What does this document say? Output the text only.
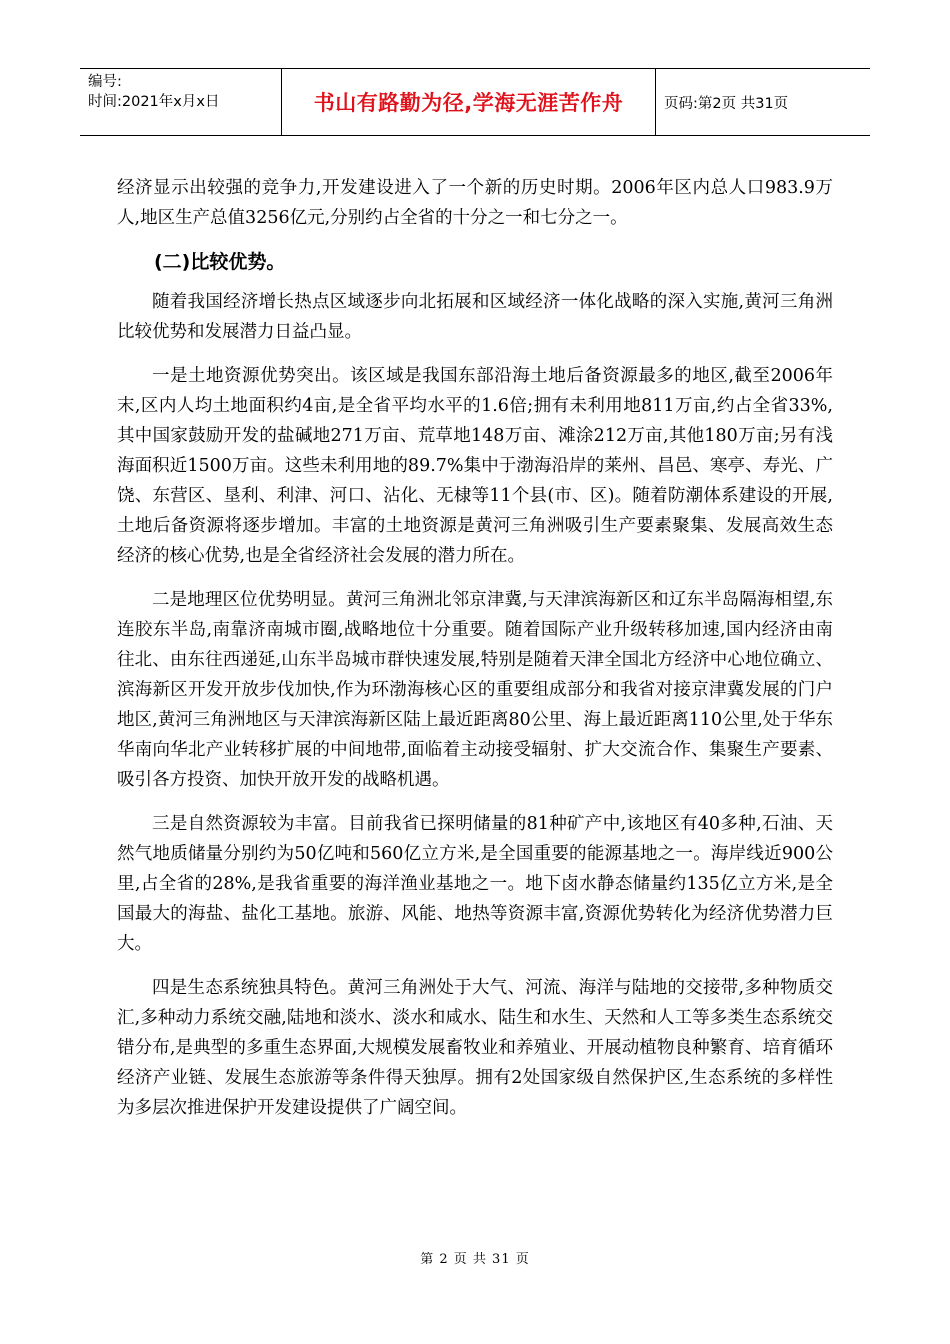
编号:
时间:2021年x月x日	书山有路勤为径,学海无涯苦作舟	页码:第2页 共31页

经济显示出较强的竞争力,开发建设进入了一个新的历史时期。2006年区内总人口983.9万人,地区生产总值3256亿元,分别约占全省的十分之一和七分之一。

(二)比较优势。

随着我国经济增长热点区域逐步向北拓展和区域经济一体化战略的深入实施,黄河三角洲比较优势和发展潜力日益凸显。

一是土地资源优势突出。该区域是我国东部沿海土地后备资源最多的地区,截至2006年末,区内人均土地面积约4亩,是全省平均水平的1.6倍;拥有未利用地811万亩,约占全省33%,其中国家鼓励开发的盐碱地271万亩、荒草地148万亩、滩涂212万亩,其他180万亩;另有浅海面积近1500万亩。这些未利用地的89.7%集中于渤海沿岸的莱州、昌邑、寒亭、寿光、广饶、东营区、垦利、利津、河口、沾化、无棣等11个县(市、区)。随着防潮体系建设的开展,土地后备资源将逐步增加。丰富的土地资源是黄河三角洲吸引生产要素聚集、发展高效生态经济的核心优势,也是全省经济社会发展的潜力所在。

二是地理区位优势明显。黄河三角洲北邻京津冀,与天津滨海新区和辽东半岛隔海相望,东连胶东半岛,南靠济南城市圈,战略地位十分重要。随着国际产业升级转移加速,国内经济由南往北、由东往西递延,山东半岛城市群快速发展,特别是随着天津全国北方经济中心地位确立、滨海新区开发开放步伐加快,作为环渤海核心区的重要组成部分和我省对接京津冀发展的门户地区,黄河三角洲地区与天津滨海新区陆上最近距离80公里、海上最近距离110公里,处于华东华南向华北产业转移扩展的中间地带,面临着主动接受辐射、扩大交流合作、集聚生产要素、吸引各方投资、加快开放开发的战略机遇。

三是自然资源较为丰富。目前我省已探明储量的81种矿产中,该地区有40多种,石油、天然气地质储量分别约为50亿吨和560亿立方米,是全国重要的能源基地之一。海岸线近900公里,占全省的28%,是我省重要的海洋渔业基地之一。地下卤水静态储量约135亿立方米,是全国最大的海盐、盐化工基地。旅游、风能、地热等资源丰富,资源优势转化为经济优势潜力巨大。

四是生态系统独具特色。黄河三角洲处于大气、河流、海洋与陆地的交接带,多种物质交汇,多种动力系统交融,陆地和淡水、淡水和咸水、陆生和水生、天然和人工等多类生态系统交错分布,是典型的多重生态界面,大规模发展畜牧业和养殖业、开展动植物良种繁育、培育循环经济产业链、发展生态旅游等条件得天独厚。拥有2处国家级自然保护区,生态系统的多样性为多层次推进保护开发建设提供了广阔空间。

第 2 页 共 31 页
